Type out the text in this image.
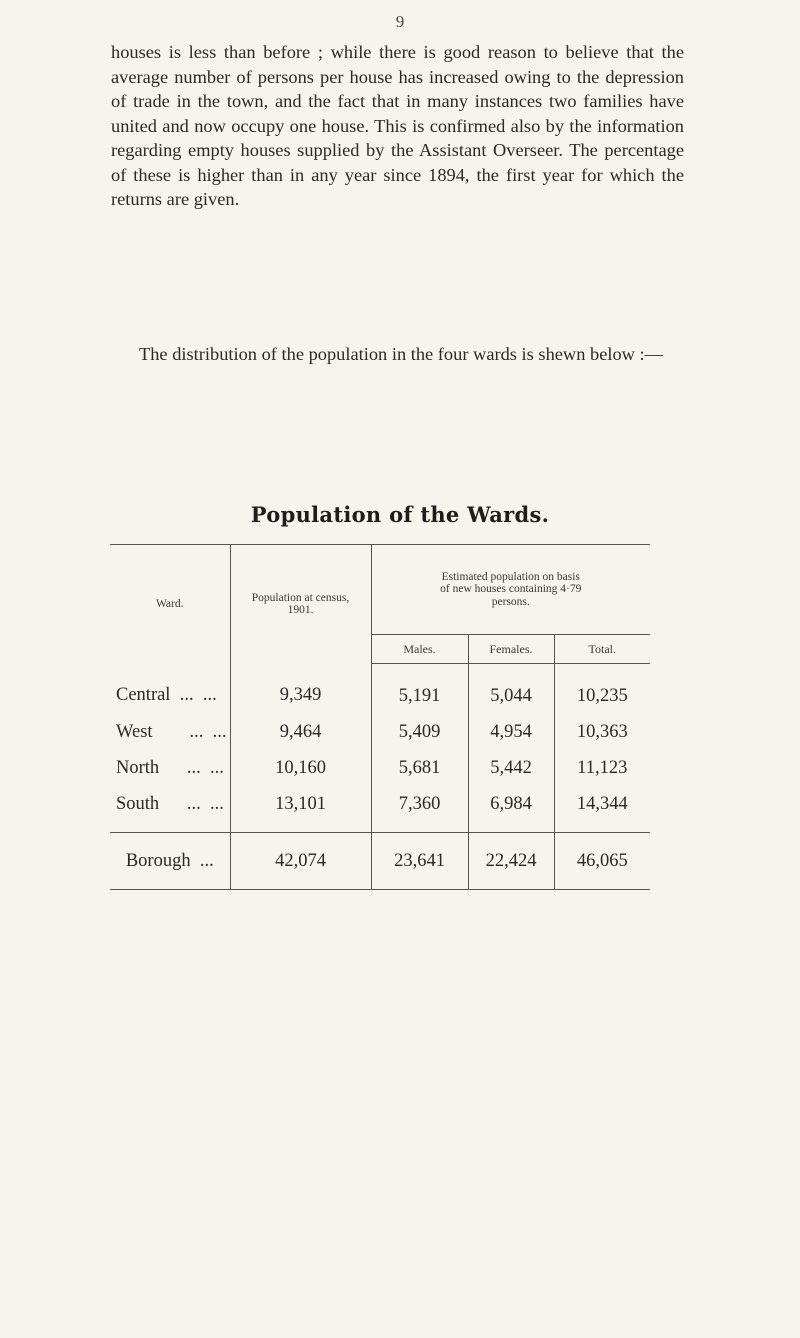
9

houses is less than before ; while there is good reason to believe that the average number of persons per house has increased owing to the depression of trade in the town, and the fact that in many instances two families have united and now occupy one house. This is confirmed also by the information regarding empty houses supplied by the Assistant Overseer. The percentage of these is higher than in any year since 1894, the first year for which the returns are given.

The distribution of the population in the four wards is shewn below :—

Population of the Wards.
Ward.	Population at census, 1901.	Estimated population on basis of new houses containing 4·79 persons.		
		Males.	Females.	Total.
Central  ...  ...	9,349	5,191	5,044	10,235
West        ...  ...	9,464	5,409	4,954	10,363
North      ...  ...	10,160	5,681	5,442	11,123
South      ...  ...	13,101	7,360	6,984	14,344
Borough  ...	42,074	23,641	22,424	46,065
